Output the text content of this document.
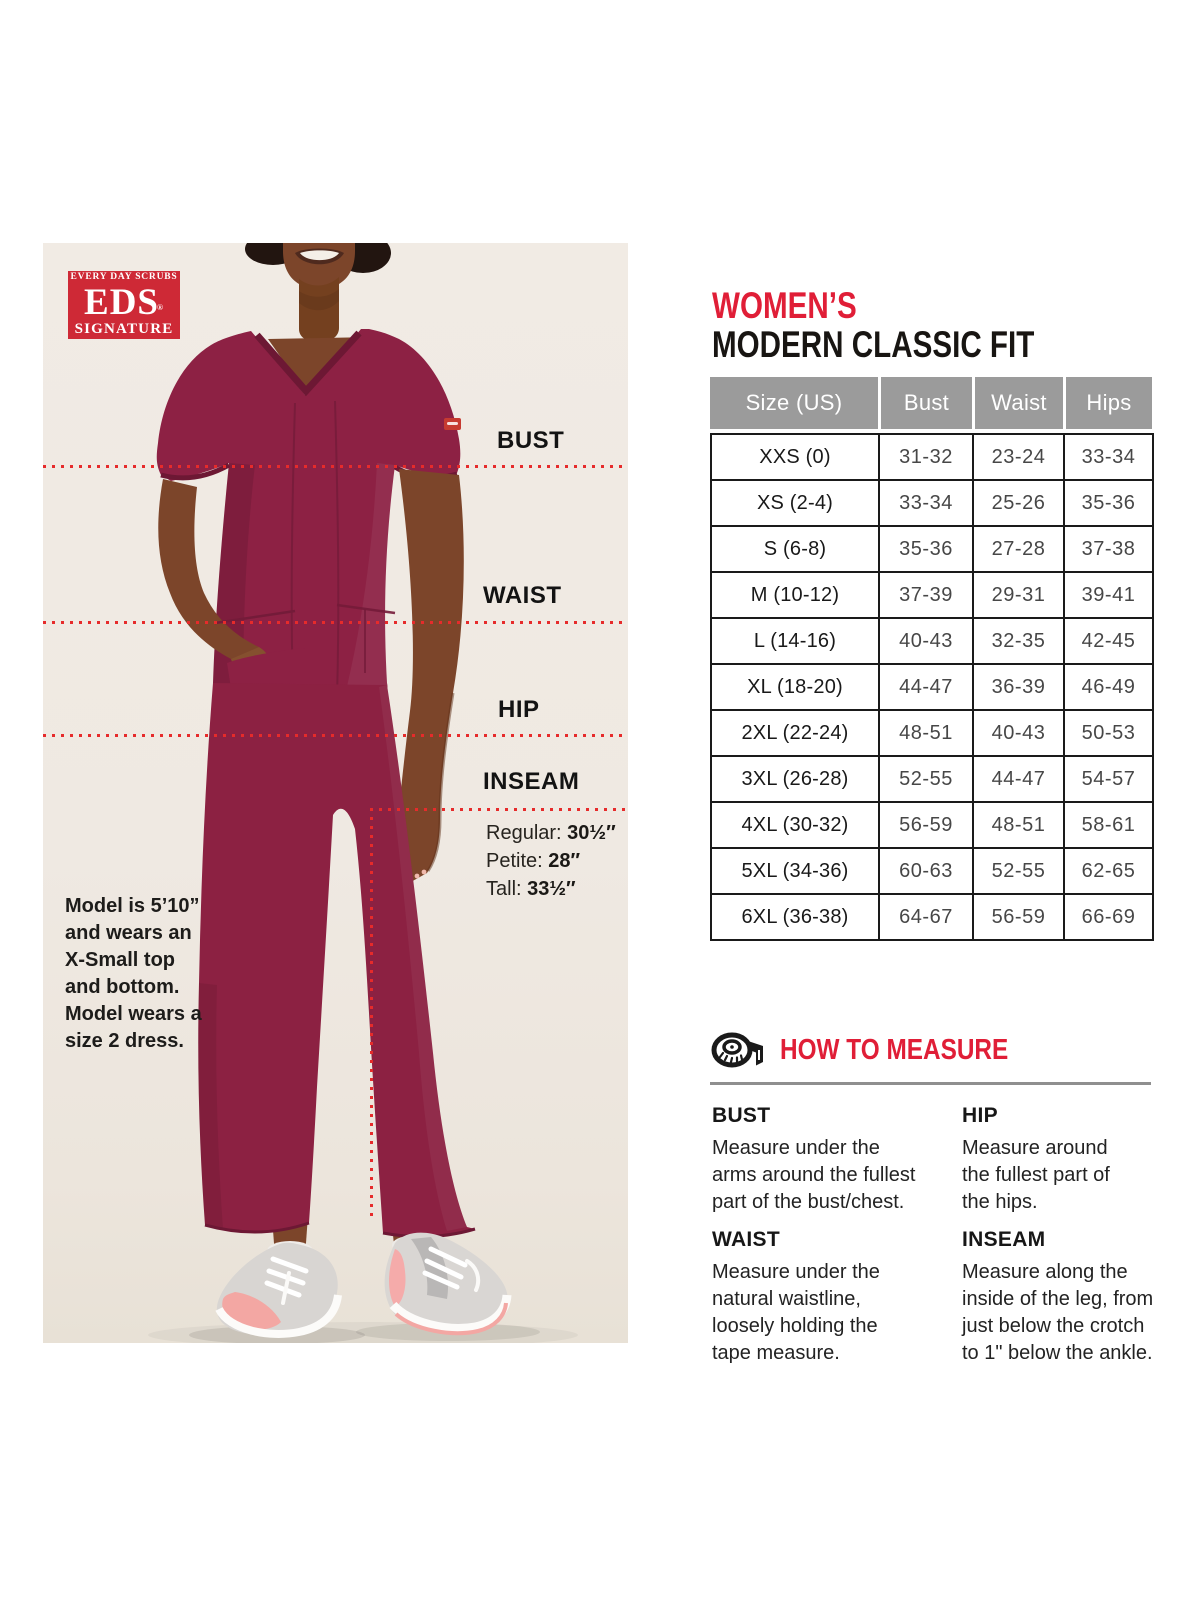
BUST
WAIST
HIP
INSEAM
Regular: 30½″
Petite: 28″
Tall: 33½″
Model is 5’10”
and wears an
X-Small top
and bottom.
Model wears a
size 2 dress.
EVERY DAY SCRUBS
EDS®
SIGNATURE
WOMEN’S
MODERN CLASSIC FIT
Size (US)	Bust	Waist	Hips
XXS (0)	31-32	23-24	33-34
XS (2-4)	33-34	25-26	35-36
S (6-8)	35-36	27-28	37-38
M (10-12)	37-39	29-31	39-41
L (14-16)	40-43	32-35	42-45
XL (18-20)	44-47	36-39	46-49
2XL (22-24)	48-51	40-43	50-53
3XL (26-28)	52-55	44-47	54-57
4XL (30-32)	56-59	48-51	58-61
5XL (34-36)	60-63	52-55	62-65
6XL (36-38)	64-67	56-59	66-69
HOW TO MEASURE
BUST
Measure under the
arms around the fullest
part of the bust/chest.
HIP
Measure around
the fullest part of
the hips.
WAIST
Measure under the
natural waistline,
loosely holding the
tape measure.
INSEAM
Measure along the
inside of the leg, from
just below the crotch
to 1" below the ankle.
